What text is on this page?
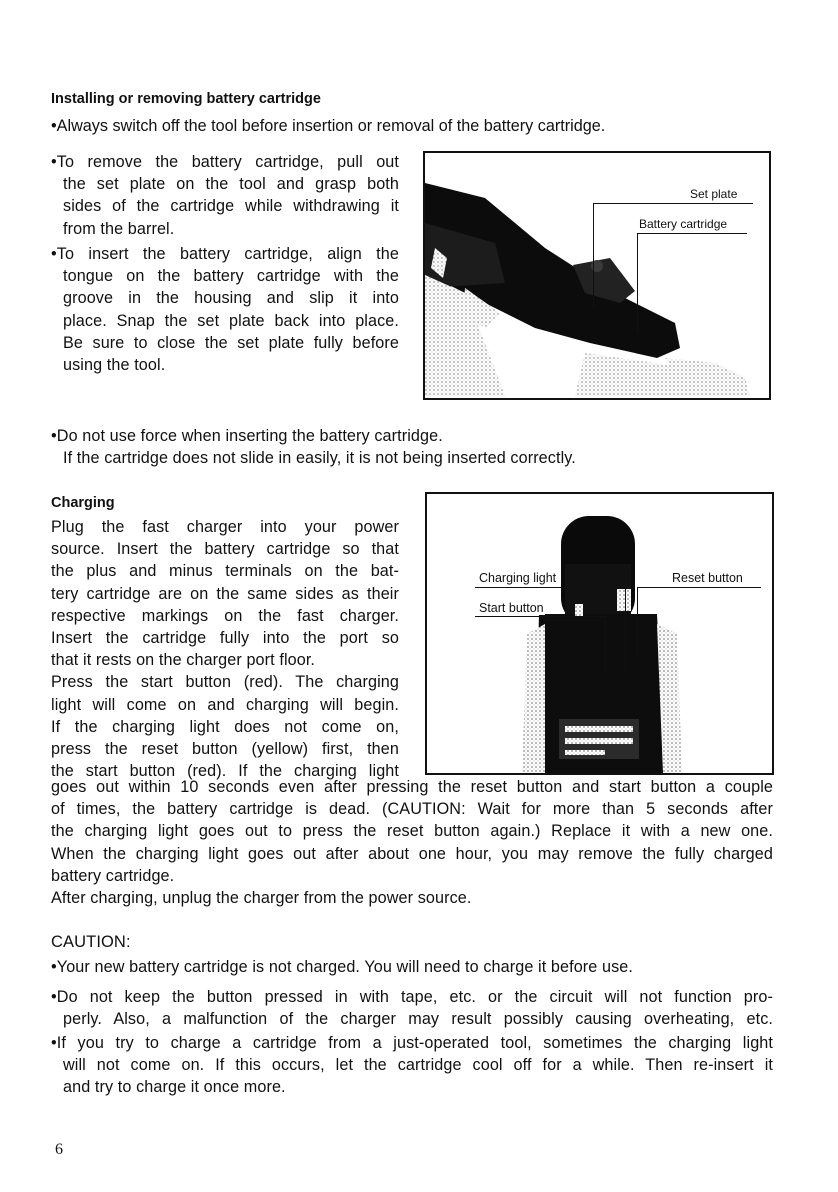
Installing or removing battery cartridge
•Always switch off the tool before insertion or removal of the battery cartridge.
•To remove the battery cartridge, pull out
the set plate on the tool and grasp both
sides of the cartridge while withdrawing it
from the barrel.
•To insert the battery cartridge, align the
tongue on the battery cartridge with the
groove in the housing and slip it into
place. Snap the set plate back into place.
Be sure to close the set plate fully before
using the tool.
Set plate
Battery cartridge
•Do not use force when inserting the battery cartridge.
If the cartridge does not slide in easily, it is not being inserted correctly.
Charging
Plug the fast charger into your power
source. Insert the battery cartridge so that
the plus and minus terminals on the bat-
tery cartridge are on the same sides as their
respective markings on the fast charger.
Insert the cartridge fully into the port so
that it rests on the charger port floor.
Press the start button (red). The charging
light will come on and charging will begin.
If the charging light does not come on,
press the reset button (yellow) first, then
the start button (red). If the charging light
Charging light
Start button
Reset button
goes out within 10 seconds even after pressing the reset button and start button a couple
of times, the battery cartridge is dead. (CAUTION: Wait for more than 5 seconds after
the charging light goes out to press the reset button again.) Replace it with a new one.
When the charging light goes out after about one hour, you may remove the fully charged
battery cartridge.
After charging, unplug the charger from the power source.
CAUTION:
•Your new battery cartridge is not charged. You will need to charge it before use.
•Do not keep the button pressed in with tape, etc. or the circuit will not function pro-
perly. Also, a malfunction of the charger may result possibly causing overheating, etc.
•If you try to charge a cartridge from a just-operated tool, sometimes the charging light
will not come on. If this occurs, let the cartridge cool off for a while. Then re-insert it
and try to charge it once more.
6
